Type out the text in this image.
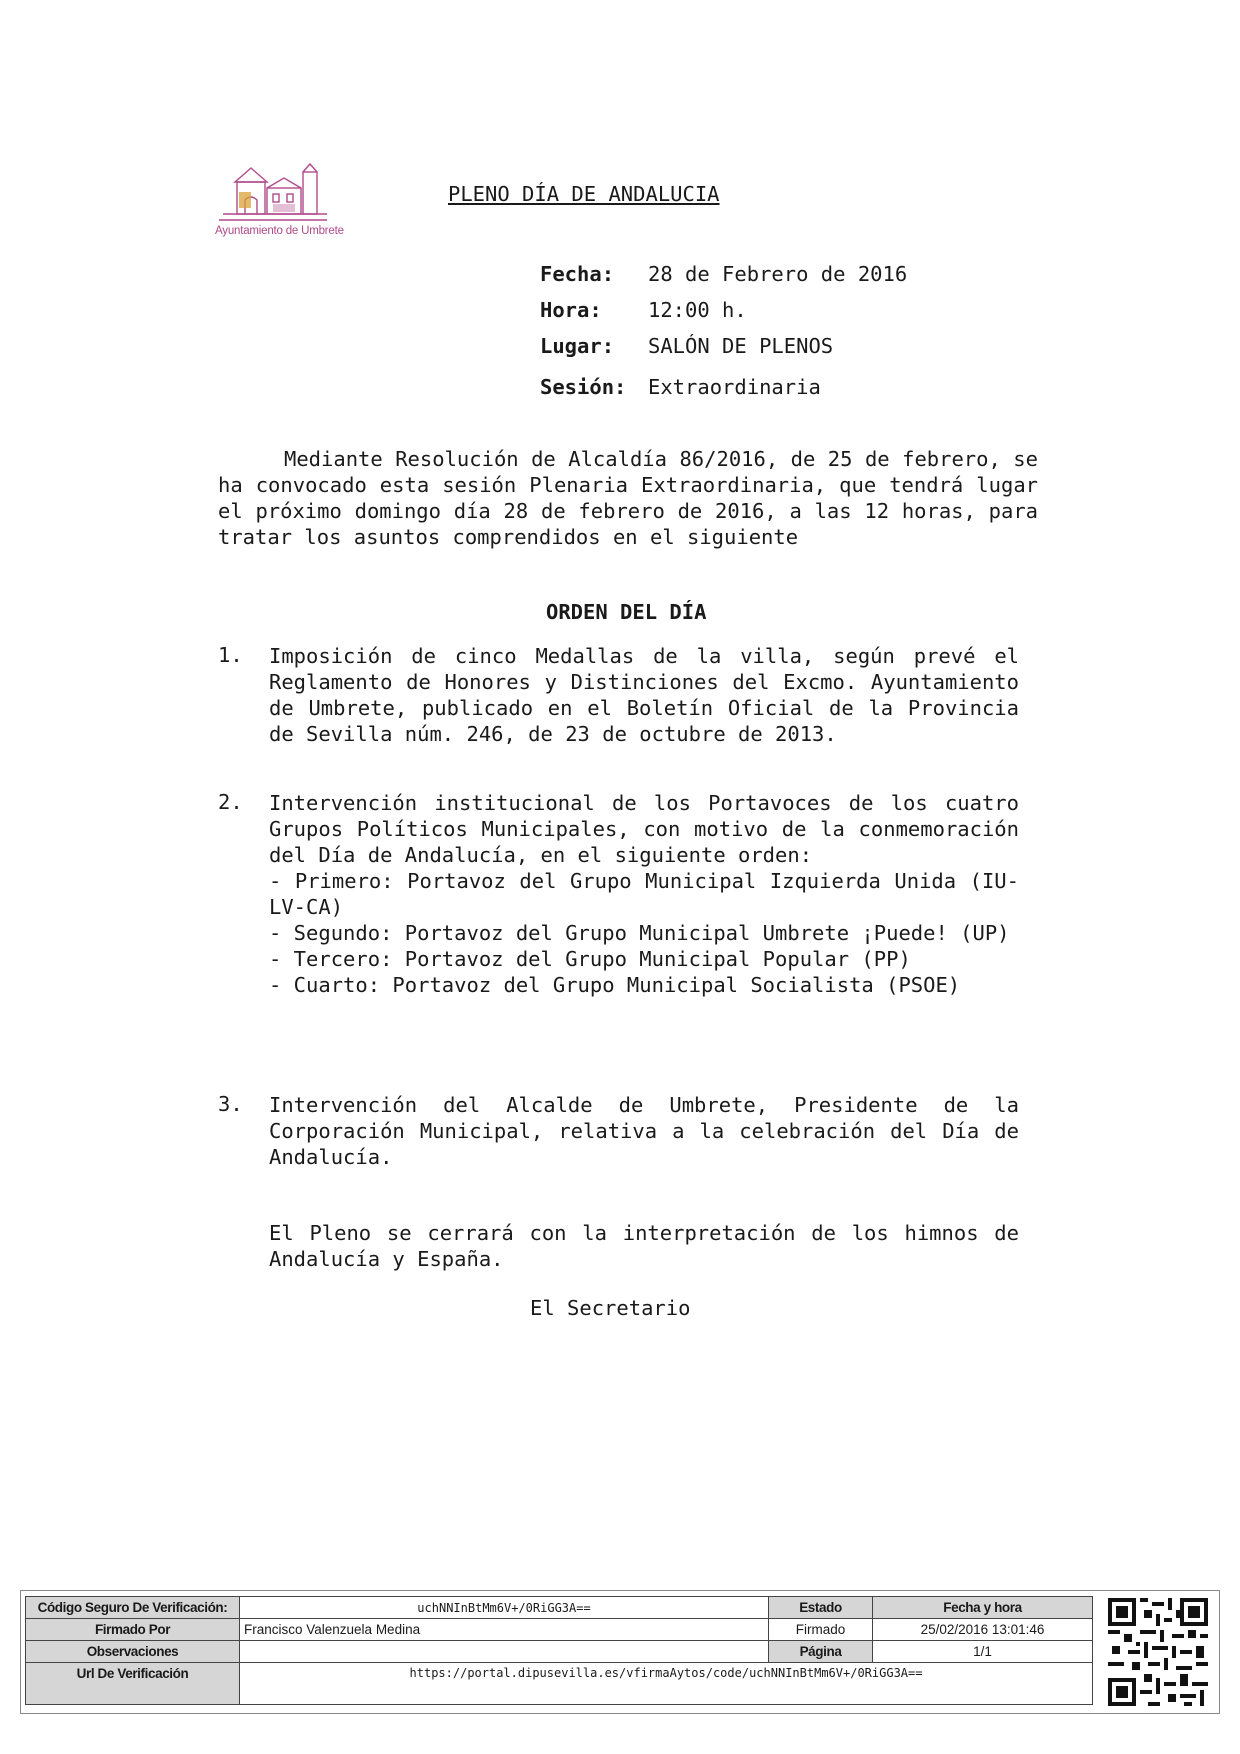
Ayuntamiento de Umbrete
PLENO DÍA DE ANDALUCIA
Fecha: 28 de Febrero de 2016
Hora: 12:00 h.
Lugar: SALÓN DE PLENOS
Sesión: Extraordinaria
Mediante Resolución de Alcaldía 86/2016, de 25 de febrero, se ha convocado esta sesión Plenaria Extraordinaria, que tendrá lugar el próximo domingo día 28 de febrero de 2016, a las 12 horas, para tratar los asuntos comprendidos en el siguiente
ORDEN DEL DÍA
1. Imposición de cinco Medallas de la villa, según prevé el Reglamento de Honores y Distinciones del Excmo. Ayuntamiento de Umbrete, publicado en el Boletín Oficial de la Provincia de Sevilla núm. 246, de 23 de octubre de 2013.
2. Intervención institucional de los Portavoces de los cuatro Grupos Políticos Municipales, con motivo de la conmemoración del Día de Andalucía, en el siguiente orden:
- Primero: Portavoz del Grupo Municipal Izquierda Unida (IU-LV-CA)
- Segundo: Portavoz del Grupo Municipal Umbrete ¡Puede! (UP)
- Tercero: Portavoz del Grupo Municipal Popular (PP)
- Cuarto: Portavoz del Grupo Municipal Socialista (PSOE)
3. Intervención del Alcalde de Umbrete, Presidente de la Corporación Municipal, relativa a la celebración del Día de Andalucía.
El Pleno se cerrará con la interpretación de los himnos de Andalucía y España.
El Secretario
Código Seguro De Verificación:	uchNNInBtMm6V+/0RiGG3A==	Estado	Fecha y hora
Firmado Por	Francisco Valenzuela Medina	Firmado	25/02/2016 13:01:46
Observaciones		Página	1/1
Url De Verificación	https://portal.dipusevilla.es/vfirmaAytos/code/uchNNInBtMm6V+/0RiGG3A==		
